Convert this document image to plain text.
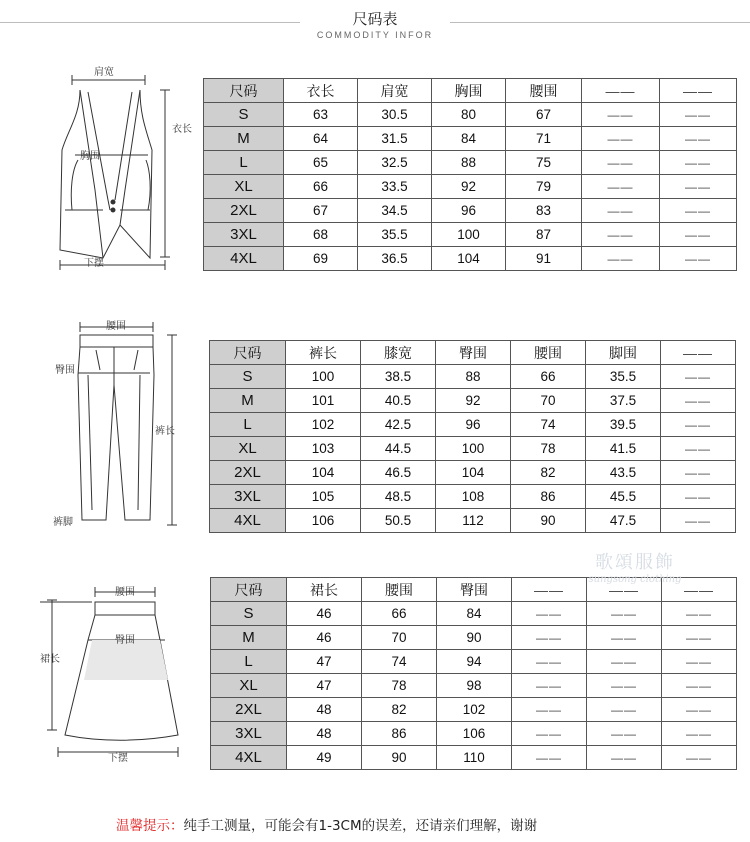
尺码表
COMMODITY INFOR
肩宽
衣长
胸围
下摆
尺码	衣长	肩宽	胸围	腰围	——	——
S	63	30.5	80	67	——	——
M	64	31.5	84	71	——	——
L	65	32.5	88	75	——	——
XL	66	33.5	92	79	——	——
2XL	67	34.5	96	83	——	——
3XL	68	35.5	100	87	——	——
4XL	69	36.5	104	91	——	——
腰围
臀围
裤长
裤脚
尺码	裤长	膝宽	臀围	腰围	脚围	——
S	100	38.5	88	66	35.5	——
M	101	40.5	92	70	37.5	——
L	102	42.5	96	74	39.5	——
XL	103	44.5	100	78	41.5	——
2XL	104	46.5	104	82	43.5	——
3XL	105	48.5	108	86	45.5	——
4XL	106	50.5	112	90	47.5	——
腰围
臀围
裙长
下摆
尺码	裙长	腰围	臀围	——	——	——
S	46	66	84	——	——	——
M	46	70	90	——	——	——
L	47	74	94	——	——	——
XL	47	78	98	——	——	——
2XL	48	82	102	——	——	——
3XL	48	86	106	——	——	——
4XL	49	90	110	——	——	——
歌頌服飾
sungsong clothing
温馨提示：纯手工测量，可能会有1-3CM的误差，还请亲们理解，谢谢
